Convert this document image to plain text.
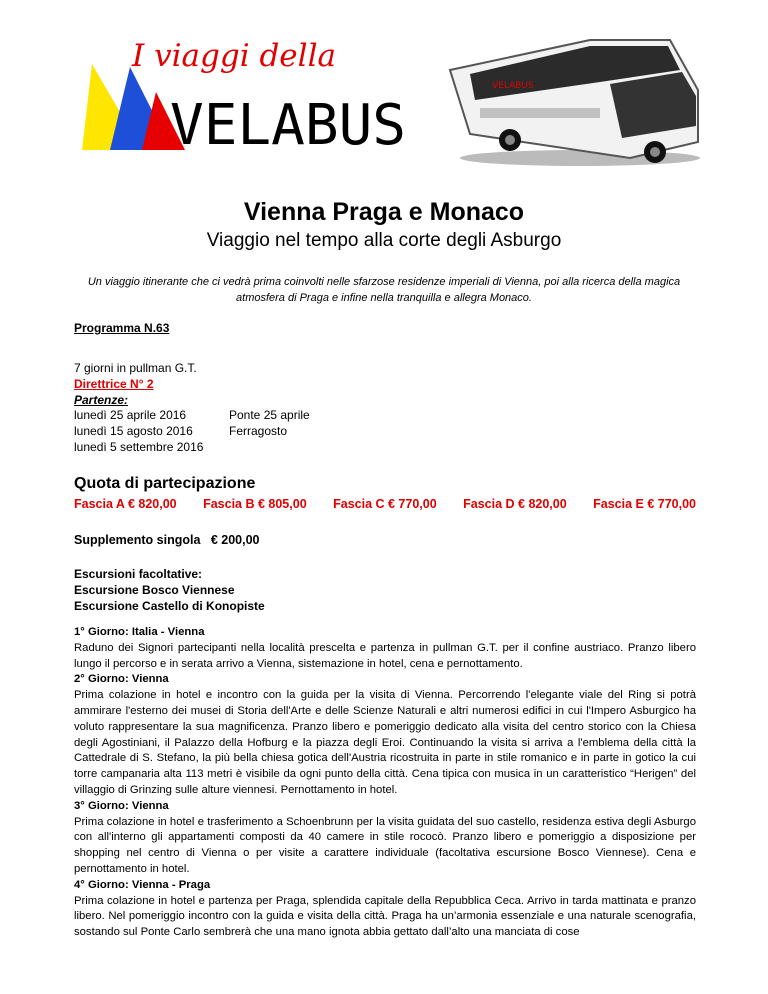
I viaggi della
VELABUS
VELABUS
Vienna Praga e Monaco
Viaggio nel tempo alla corte degli Asburgo
Un viaggio itinerante che ci vedrà prima coinvolti nelle sfarzose residenze imperiali di Vienna, poi alla ricerca della magica atmosfera di Praga e infine nella tranquilla e allegra Monaco.
Programma N.63
7 giorni in pullman G.T.
Direttrice N° 2
Partenze:
lunedì 25 aprile 2016
lunedì 15 agosto 2016
lunedì 5 settembre 2016
Ponte 25 aprile
Ferragosto
Quota di partecipazione
Fascia A € 820,00 Fascia B € 805,00 Fascia C € 770,00 Fascia D € 820,00 Fascia E € 770,00
Supplemento singola   € 200,00
Escursioni facoltative:
Escursione Bosco Viennese
Escursione Castello di Konopiste

1° Giorno: Italia - Vienna

Raduno dei Signori partecipanti nella località prescelta e partenza in pullman G.T. per il confine austriaco. Pranzo libero lungo il percorso e in serata arrivo a Vienna, sistemazione in hotel, cena e pernottamento.

2° Giorno: Vienna

Prima colazione in hotel e incontro con la guida per la visita di Vienna. Percorrendo l'elegante viale del Ring si potrà ammirare l'esterno dei musei di Storia dell'Arte e delle Scienze Naturali e altri numerosi edifici in cui l'Impero Asburgico ha voluto rappresentare la sua magnificenza. Pranzo libero e pomeriggio dedicato alla visita del centro storico con la Chiesa degli Agostiniani, il Palazzo della Hofburg e la piazza degli Eroi. Continuando la visita si arriva a l'emblema della città la Cattedrale di S. Stefano, la più bella chiesa gotica dell'Austria ricostruita in parte in stile romanico e in parte in gotico la cui torre campanaria alta 113 metri è visibile da ogni punto della città. Cena tipica con musica in un caratteristico “Herigen” del villaggio di Grinzing sulle alture viennesi. Pernottamento in hotel.

3° Giorno: Vienna

Prima colazione in hotel e trasferimento a Schoenbrunn per la visita guidata del suo castello, residenza estiva degli Asburgo con all'interno gli appartamenti composti da 40 camere in stile rococò. Pranzo libero e pomeriggio a disposizione per shopping nel centro di Vienna o per visite a carattere individuale (facoltativa escursione Bosco Viennese). Cena e pernottamento in hotel.

4° Giorno: Vienna - Praga

Prima colazione in hotel e partenza per Praga, splendida capitale della Repubblica Ceca. Arrivo in tarda mattinata e pranzo libero. Nel pomeriggio incontro con la guida e visita della città. Praga ha un’armonia essenziale e una naturale scenografia, sostando sul Ponte Carlo sembrerà che una mano ignota abbia gettato dall’alto una manciata di cose
